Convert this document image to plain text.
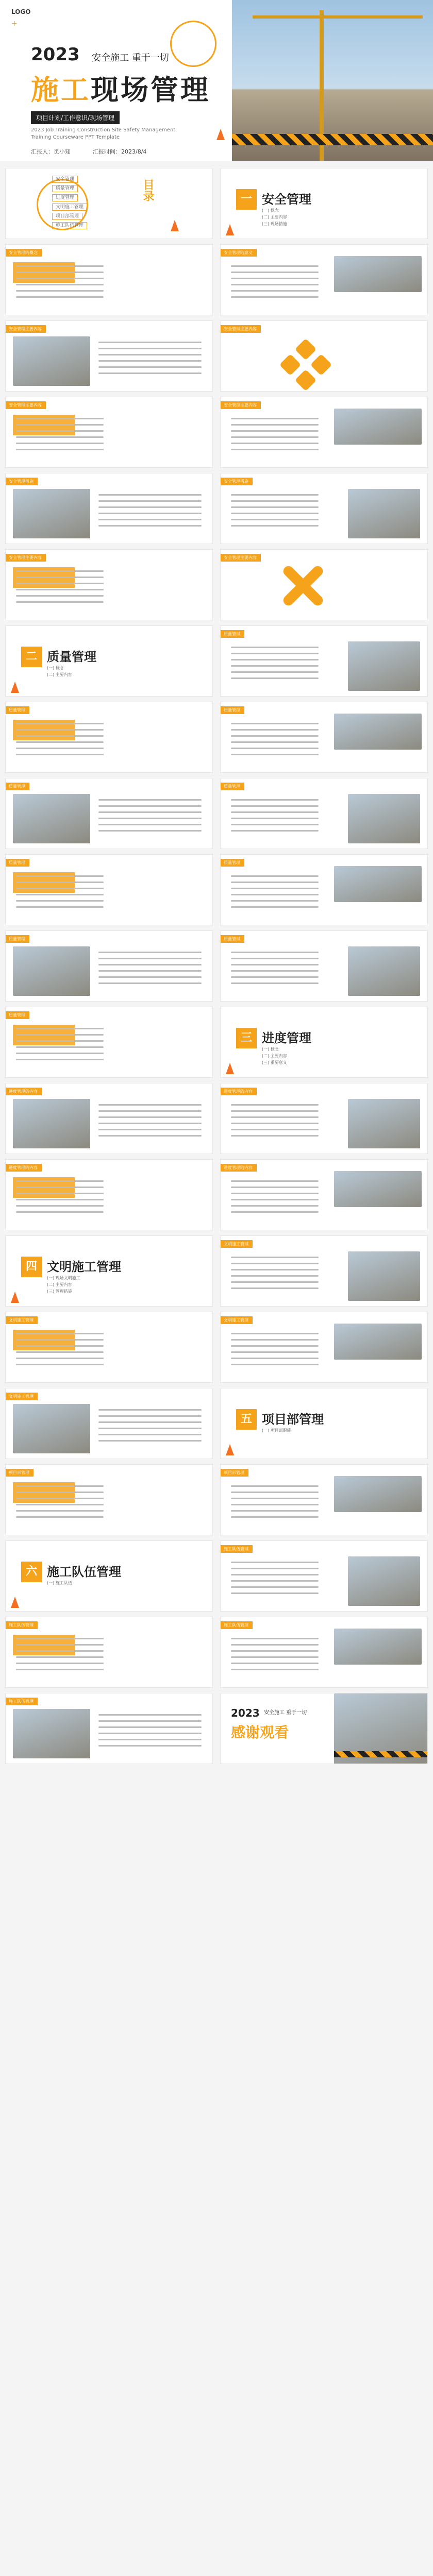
LOGO
+
2023 安全施工 重于一切
施工现场管理
项目计划/工作意识/现场管理
2023 Job Training Construction Site Safety Management Training Courseware PPT Template
汇报人：觅小知	汇报时间：2023/8/4
目录
安全管理
质量管理
进度管理
文明施工管理
项目部管理
施工队伍管理
一 安全管理
(一) 概念
(二) 主要内容
(三) 现场措施
安全管理的概念	安全管理的意义
安全管理主要内容	安全管理主要内容
安全管理主要内容	安全管理主要内容
安全管理措施	安全管理措施
安全管理主要内容	安全管理主要内容
二 质量管理
(一) 概念
(二) 主要内容
质量管理
质量管理	质量管理
质量管理	质量管理
质量管理	质量管理
质量管理	质量管理
质量管理
三 进度管理
(一) 概念
(二) 主要内容
(三) 重要意义
进度管理的内容	进度管理的内容
进度管理的内容	进度管理的内容
四 文明施工管理
(一) 现场文明施工
(二) 主要内容
(三) 管理措施
文明施工管理
文明施工管理	文明施工管理
文明施工管理
五 项目部管理
(一) 项目部职能
项目部管理	项目部管理
六 施工队伍管理
(一) 施工队伍
施工队伍管理
施工队伍管理	施工队伍管理
施工队伍管理
2023 安全施工 重于一切
感谢观看
